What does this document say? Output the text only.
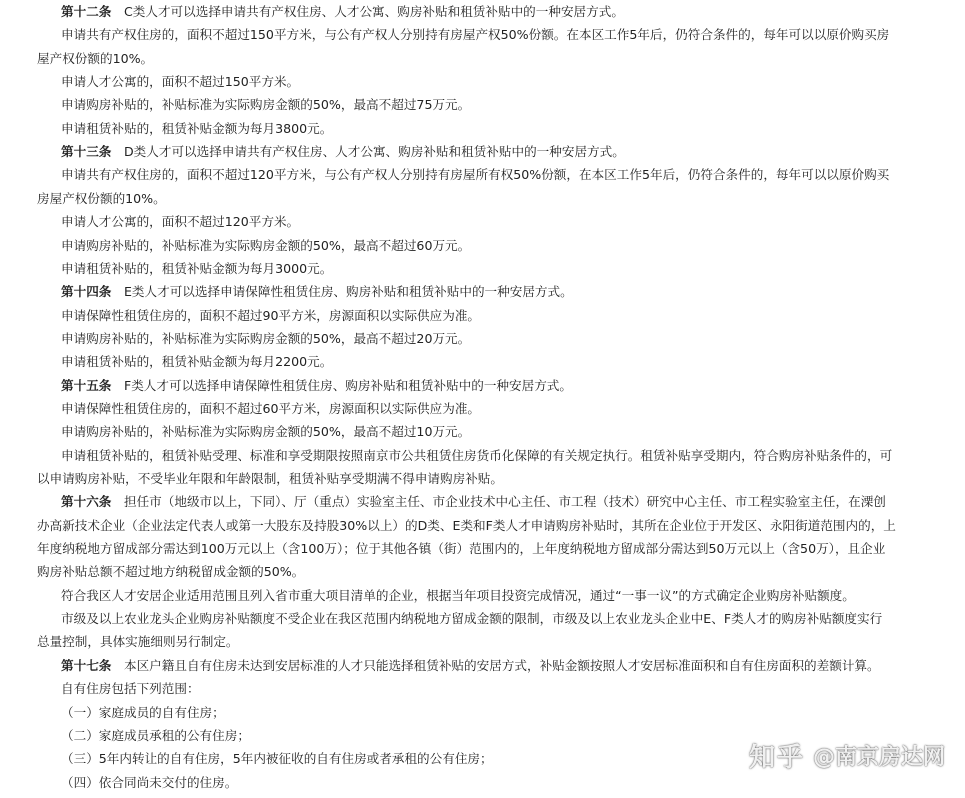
第十二条　C类人才可以选择申请共有产权住房、人才公寓、购房补贴和租赁补贴中的一种安居方式。
申请共有产权住房的，面积不超过150平方米，与公有产权人分别持有房屋产权50%份额。在本区工作5年后，仍符合条件的，每年可以以原价购买房
屋产权份额的10%。
申请人才公寓的，面积不超过150平方米。
申请购房补贴的，补贴标准为实际购房金额的50%，最高不超过75万元。
申请租赁补贴的，租赁补贴金额为每月3800元。
第十三条　D类人才可以选择申请共有产权住房、人才公寓、购房补贴和租赁补贴中的一种安居方式。
申请共有产权住房的，面积不超过120平方米，与公有产权人分别持有房屋所有权50%份额，在本区工作5年后，仍符合条件的，每年可以以原价购买
房屋产权份额的10%。
申请人才公寓的，面积不超过120平方米。
申请购房补贴的，补贴标准为实际购房金额的50%，最高不超过60万元。
申请租赁补贴的，租赁补贴金额为每月3000元。
第十四条　E类人才可以选择申请保障性租赁住房、购房补贴和租赁补贴中的一种安居方式。
申请保障性租赁住房的，面积不超过90平方米，房源面积以实际供应为准。
申请购房补贴的，补贴标准为实际购房金额的50%，最高不超过20万元。
申请租赁补贴的，租赁补贴金额为每月2200元。
第十五条　F类人才可以选择申请保障性租赁住房、购房补贴和租赁补贴中的一种安居方式。
申请保障性租赁住房的，面积不超过60平方米，房源面积以实际供应为准。
申请购房补贴的，补贴标准为实际购房金额的50%，最高不超过10万元。
申请租赁补贴的，租赁补贴受理、标准和享受期限按照南京市公共租赁住房货币化保障的有关规定执行。租赁补贴享受期内，符合购房补贴条件的，可
以申请购房补贴，不受毕业年限和年龄限制，租赁补贴享受期满不得申请购房补贴。
第十六条　担任市（地级市以上，下同）、厅（重点）实验室主任、市企业技术中心主任、市工程（技术）研究中心主任、市工程实验室主任，在溧创
办高新技术企业（企业法定代表人或第一大股东及持股30%以上）的D类、E类和F类人才申请购房补贴时，其所在企业位于开发区、永阳街道范围内的，上
年度纳税地方留成部分需达到100万元以上（含100万）；位于其他各镇（街）范围内的，上年度纳税地方留成部分需达到50万元以上（含50万），且企业
购房补贴总额不超过地方纳税留成金额的50%。
符合我区人才安居企业适用范围且列入省市重大项目清单的企业，根据当年项目投资完成情况，通过“一事一议”的方式确定企业购房补贴额度。
市级及以上农业龙头企业购房补贴额度不受企业在我区范围内纳税地方留成金额的限制，市级及以上农业龙头企业中E、F类人才的购房补贴额度实行
总量控制，具体实施细则另行制定。
第十七条　本区户籍且自有住房未达到安居标准的人才只能选择租赁补贴的安居方式，补贴金额按照人才安居标准面积和自有住房面积的差额计算。
自有住房包括下列范围：
（一）家庭成员的自有住房；
（二）家庭成员承租的公有住房；
（三）5年内转让的自有住房，5年内被征收的自有住房或者承租的公有住房；
（四）依合同尚未交付的住房。
知乎 @南京房达网
